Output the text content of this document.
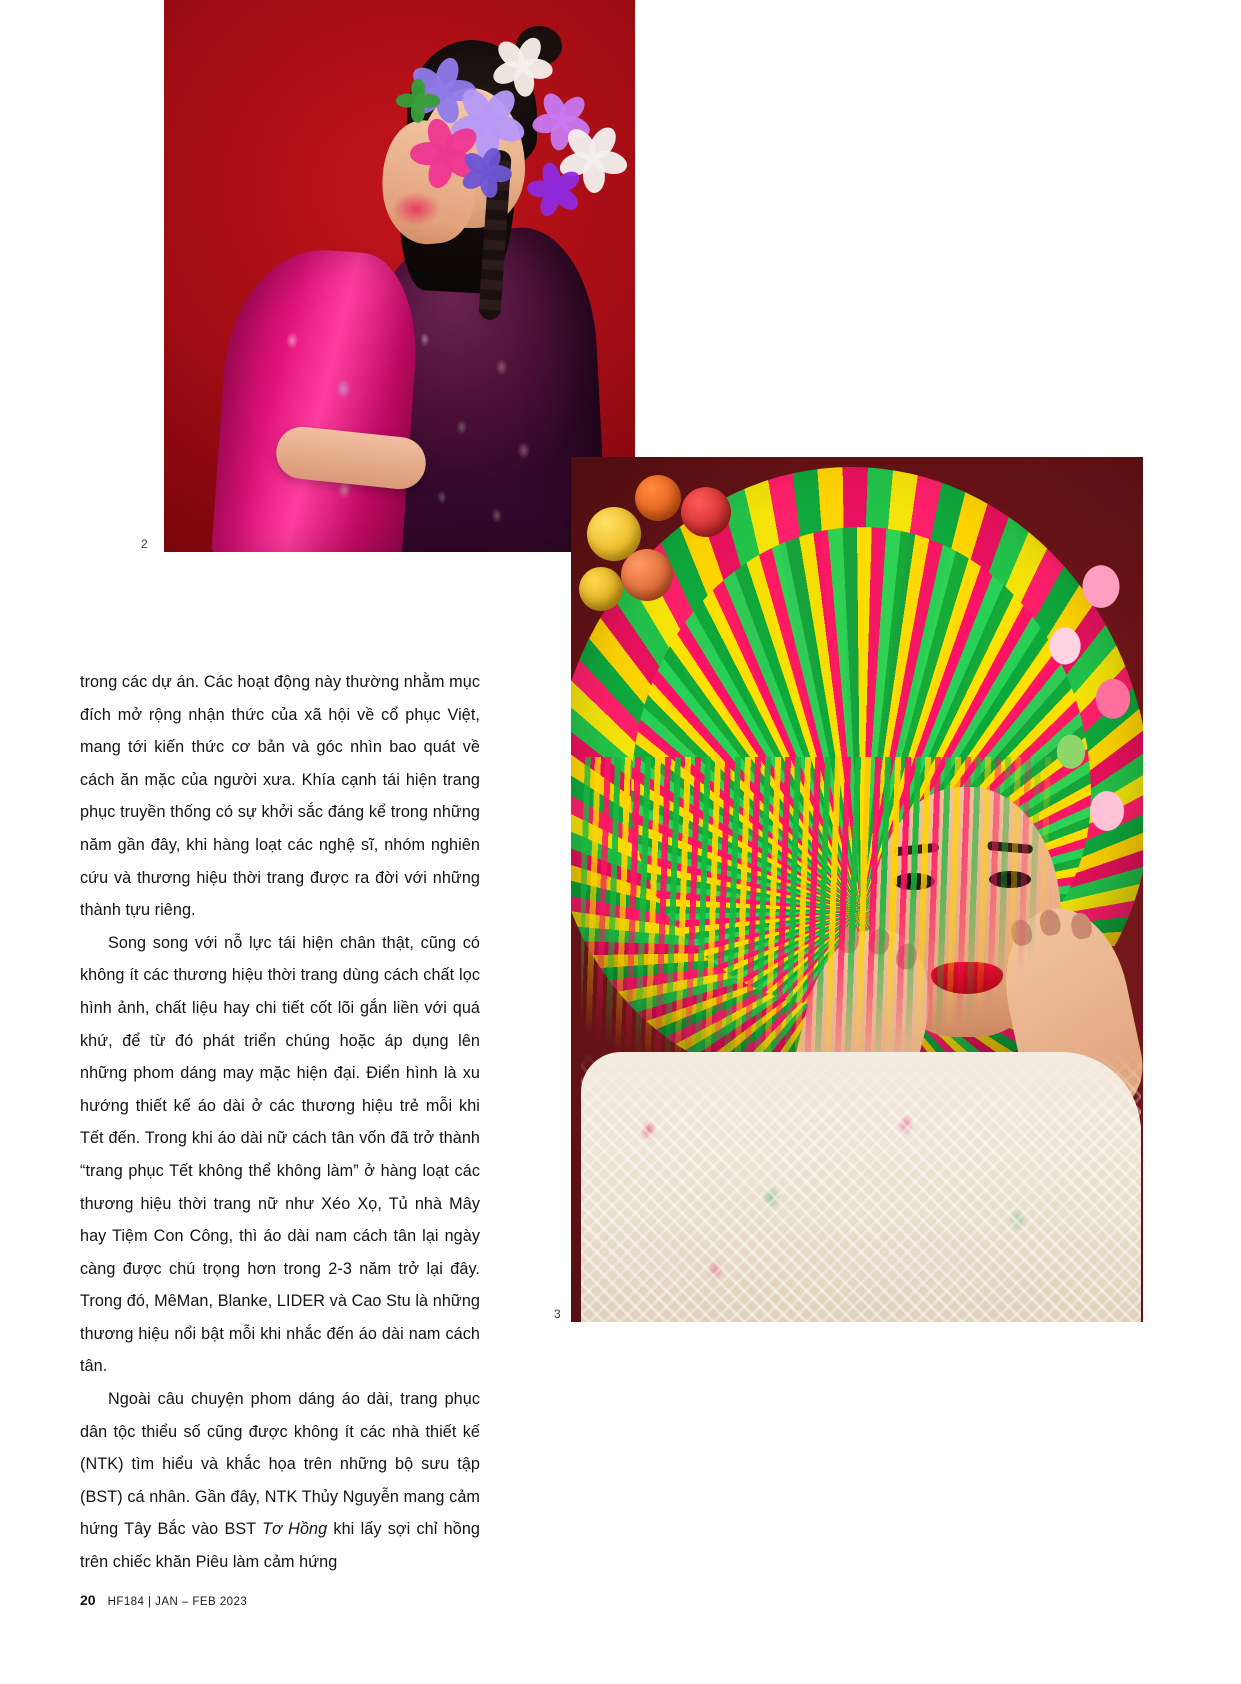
2
3

trong các dự án. Các hoạt động này thường nhằm mục đích mở rộng nhận thức của xã hội về cổ phục Việt, mang tới kiến thức cơ bản và góc nhìn bao quát về cách ăn mặc của người xưa. Khía cạnh tái hiện trang phục truyền thống có sự khởi sắc đáng kể trong những năm gần đây, khi hàng loạt các nghệ sĩ, nhóm nghiên cứu và thương hiệu thời trang được ra đời với những thành tựu riêng.

Song song với nỗ lực tái hiện chân thật, cũng có không ít các thương hiệu thời trang dùng cách chất lọc hình ảnh, chất liệu hay chi tiết cốt lõi gắn liền với quá khứ, để từ đó phát triển chúng hoặc áp dụng lên những phom dáng may mặc hiện đại. Điển hình là xu hướng thiết kế áo dài ở các thương hiệu trẻ mỗi khi Tết đến. Trong khi áo dài nữ cách tân vốn đã trở thành “trang phục Tết không thể không làm” ở hàng loạt các thương hiệu thời trang nữ như Xéo Xọ, Tủ nhà Mây hay Tiệm Con Công, thì áo dài nam cách tân lại ngày càng được chú trọng hơn trong 2-3 năm trở lại đây. Trong đó, MêMan, Blanke, LIDER và Cao Stu là những thương hiệu nổi bật mỗi khi nhắc đến áo dài nam cách tân.

Ngoài câu chuyện phom dáng áo dài, trang phục dân tộc thiểu số cũng được không ít các nhà thiết kế (NTK) tìm hiểu và khắc họa trên những bộ sưu tập (BST) cá nhân. Gần đây, NTK Thủy Nguyễn mang cảm hứng Tây Bắc vào BST Tơ Hồng khi lấy sợi chỉ hồng trên chiếc khăn Piêu làm cảm hứng

20 HF184 | JAN – FEB 2023
